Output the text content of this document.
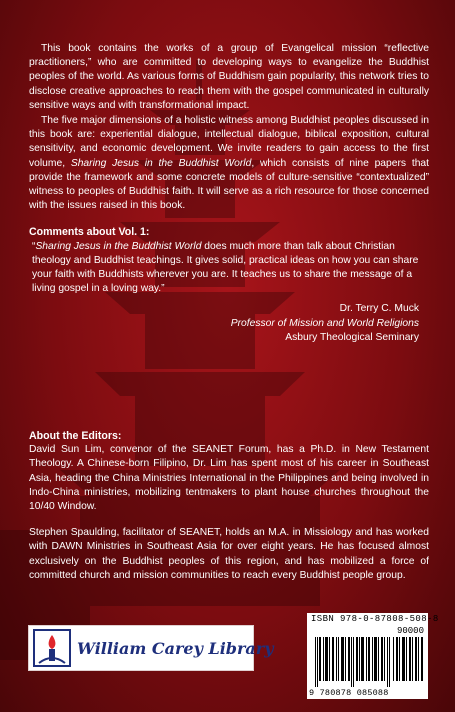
This book contains the works of a group of Evangelical mission “reflective practitioners,” who are committed to developing ways to evangelize the Buddhist peoples of the world. As various forms of Buddhism gain popularity, this network tries to disclose creative approaches to reach them with the gospel communicated in culturally sensitive ways and with transformational impact.

The five major dimensions of a holistic witness among Buddhist peoples discussed in this book are: experiential dialogue, intellectual dialogue, biblical exposition, cultural sensitivity, and economic development. We invite readers to gain access to the first volume, Sharing Jesus in the Buddhist World, which consists of nine papers that provide the framework and some concrete models of culture-sensitive “contextualized” witness to peoples of Buddhist faith. It will serve as a rich resource for those concerned with the issues raised in this book.

Comments about Vol. 1:

“Sharing Jesus in the Buddhist World does much more than talk about Christian theology and Buddhist teachings. It gives solid, practical ideas on how you can share your faith with Buddhists wherever you are. It teaches us to share the message of a living gospel in a loving way.”

Dr. Terry C. Muck
Professor of Mission and World Religions
Asbury Theological Seminary

About the Editors:

David Sun Lim, convenor of the SEANET Forum, has a Ph.D. in New Testament Theology. A Chinese-born Filipino, Dr. Lim has spent most of his career in Southeast Asia, heading the China Ministries International in the Philippines and being involved in Indo-China ministries, mobilizing tentmakers to plant house churches throughout the 10/40 Window.

Stephen Spaulding, facilitator of SEANET, holds an M.A. in Missiology and has worked with DAWN Ministries in Southeast Asia for over eight years. He has focused almost exclusively on the Buddhist peoples of this region, and has mobilized a force of committed church and mission communities to reach every Buddhist people group.

William Carey Library
ISBN 978-0-87808-508-8
90000
9 780878 085088
